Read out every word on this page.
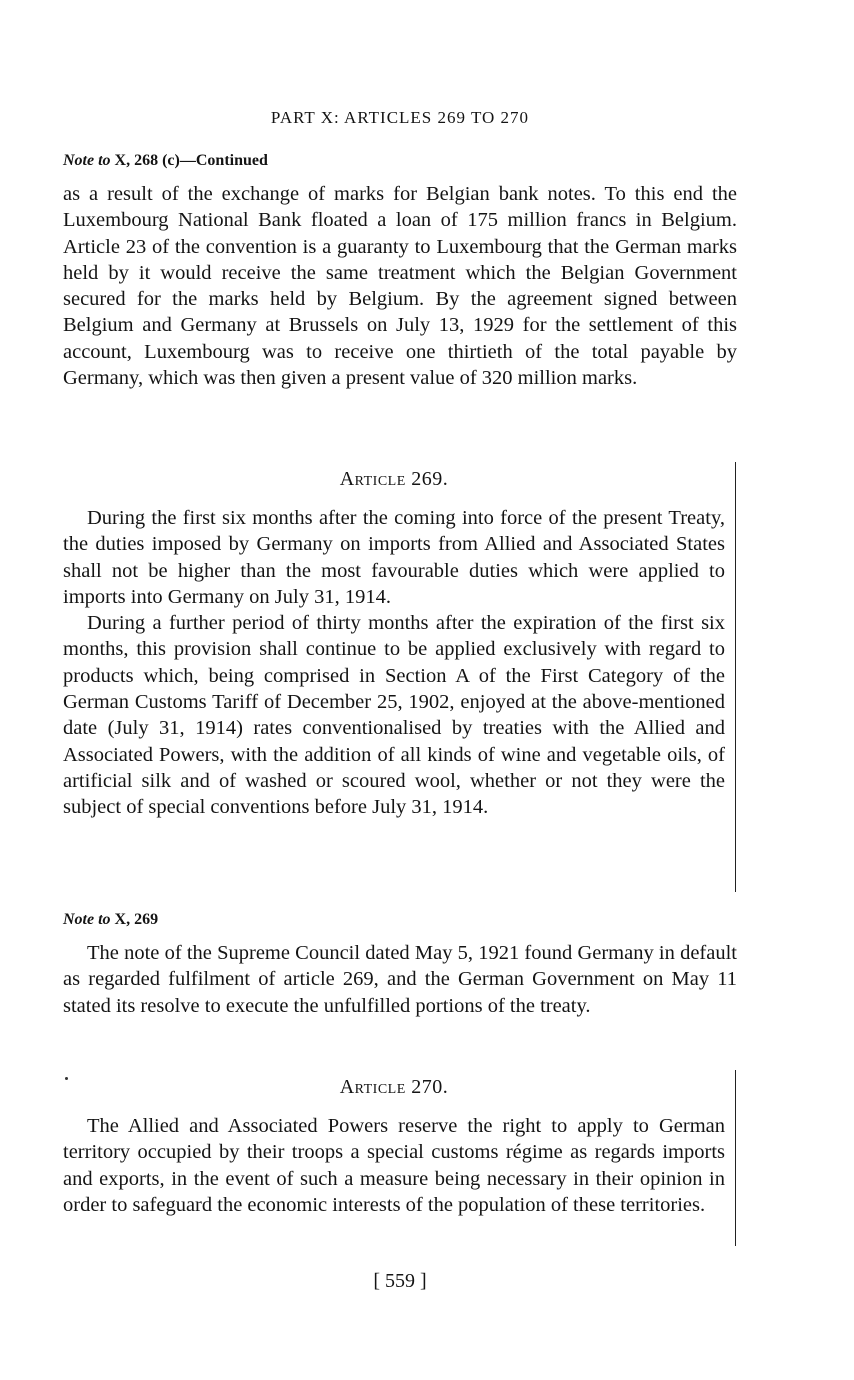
PART X: ARTICLES 269 TO 270
Note to X, 268 (c)—Continued

as a result of the exchange of marks for Belgian bank notes. To this end the Luxembourg National Bank floated a loan of 175 million francs in Belgium. Article 23 of the convention is a guaranty to Luxembourg that the German marks held by it would receive the same treatment which the Belgian Government secured for the marks held by Belgium. By the agreement signed between Belgium and Germany at Brussels on July 13, 1929 for the settlement of this account, Luxembourg was to receive one thirtieth of the total payable by Germany, which was then given a present value of 320 million marks.

Article 269.

During the first six months after the coming into force of the present Treaty, the duties imposed by Germany on imports from Allied and Associated States shall not be higher than the most favourable duties which were applied to imports into Germany on July 31, 1914.

During a further period of thirty months after the expiration of the first six months, this provision shall continue to be applied exclusively with regard to products which, being comprised in Section A of the First Category of the German Customs Tariff of December 25, 1902, enjoyed at the above-mentioned date (July 31, 1914) rates conventionalised by treaties with the Allied and Associated Powers, with the addition of all kinds of wine and vegetable oils, of artificial silk and of washed or scoured wool, whether or not they were the subject of special conventions before July 31, 1914.

Note to X, 269

The note of the Supreme Council dated May 5, 1921 found Germany in default as regarded fulfilment of article 269, and the German Government on May 11 stated its resolve to execute the unfulfilled portions of the treaty.

Article 270.

The Allied and Associated Powers reserve the right to apply to German territory occupied by their troops a special customs régime as regards imports and exports, in the event of such a measure being necessary in their opinion in order to safeguard the economic interests of the population of these territories.

[ 559 ]
